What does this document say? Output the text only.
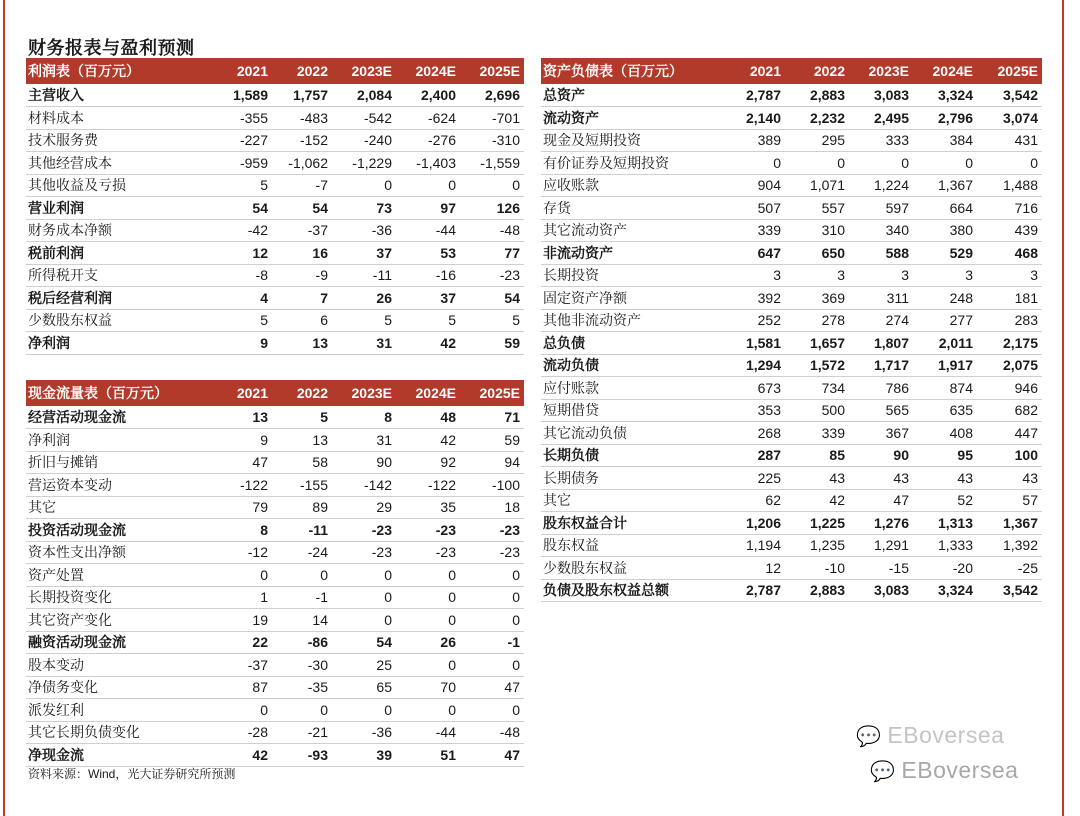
财务报表与盈利预测
利润表（百万元）	2021	2022	2023E	2024E	2025E
主营收入	1,589	1,757	2,084	2,400	2,696
材料成本	-355	-483	-542	-624	-701
技术服务费	-227	-152	-240	-276	-310
其他经营成本	-959	-1,062	-1,229	-1,403	-1,559
其他收益及亏损	5	-7	0	0	0
营业利润	54	54	73	97	126
财务成本净额	-42	-37	-36	-44	-48
税前利润	12	16	37	53	77
所得税开支	-8	-9	-11	-16	-23
税后经营利润	4	7	26	37	54
少数股东权益	5	6	5	5	5
净利润	9	13	31	42	59
现金流量表（百万元）	2021	2022	2023E	2024E	2025E
经营活动现金流	13	5	8	48	71
净利润	9	13	31	42	59
折旧与摊销	47	58	90	92	94
营运资本变动	-122	-155	-142	-122	-100
其它	79	89	29	35	18
投资活动现金流	8	-11	-23	-23	-23
资本性支出净额	-12	-24	-23	-23	-23
资产处置	0	0	0	0	0
长期投资变化	1	-1	0	0	0
其它资产变化	19	14	0	0	0
融资活动现金流	22	-86	54	26	-1
股本变动	-37	-30	25	0	0
净债务变化	87	-35	65	70	47
派发红利	0	0	0	0	0
其它长期负债变化	-28	-21	-36	-44	-48
净现金流	42	-93	39	51	47
资产负债表（百万元）	2021	2022	2023E	2024E	2025E
总资产	2,787	2,883	3,083	3,324	3,542
流动资产	2,140	2,232	2,495	2,796	3,074
现金及短期投资	389	295	333	384	431
有价证券及短期投资	0	0	0	0	0
应收账款	904	1,071	1,224	1,367	1,488
存货	507	557	597	664	716
其它流动资产	339	310	340	380	439
非流动资产	647	650	588	529	468
长期投资	3	3	3	3	3
固定资产净额	392	369	311	248	181
其他非流动资产	252	278	274	277	283
总负债	1,581	1,657	1,807	2,011	2,175
流动负债	1,294	1,572	1,717	1,917	2,075
应付账款	673	734	786	874	946
短期借贷	353	500	565	635	682
其它流动负债	268	339	367	408	447
长期负债	287	85	90	95	100
长期债务	225	43	43	43	43
其它	62	42	47	52	57
股东权益合计	1,206	1,225	1,276	1,313	1,367
股东权益	1,194	1,235	1,291	1,333	1,392
少数股东权益	12	-10	-15	-20	-25
负债及股东权益总额	2,787	2,883	3,083	3,324	3,542
资料来源：Wind，光大证券研究所预测
💬 EBoversea
💬 EBoversea
